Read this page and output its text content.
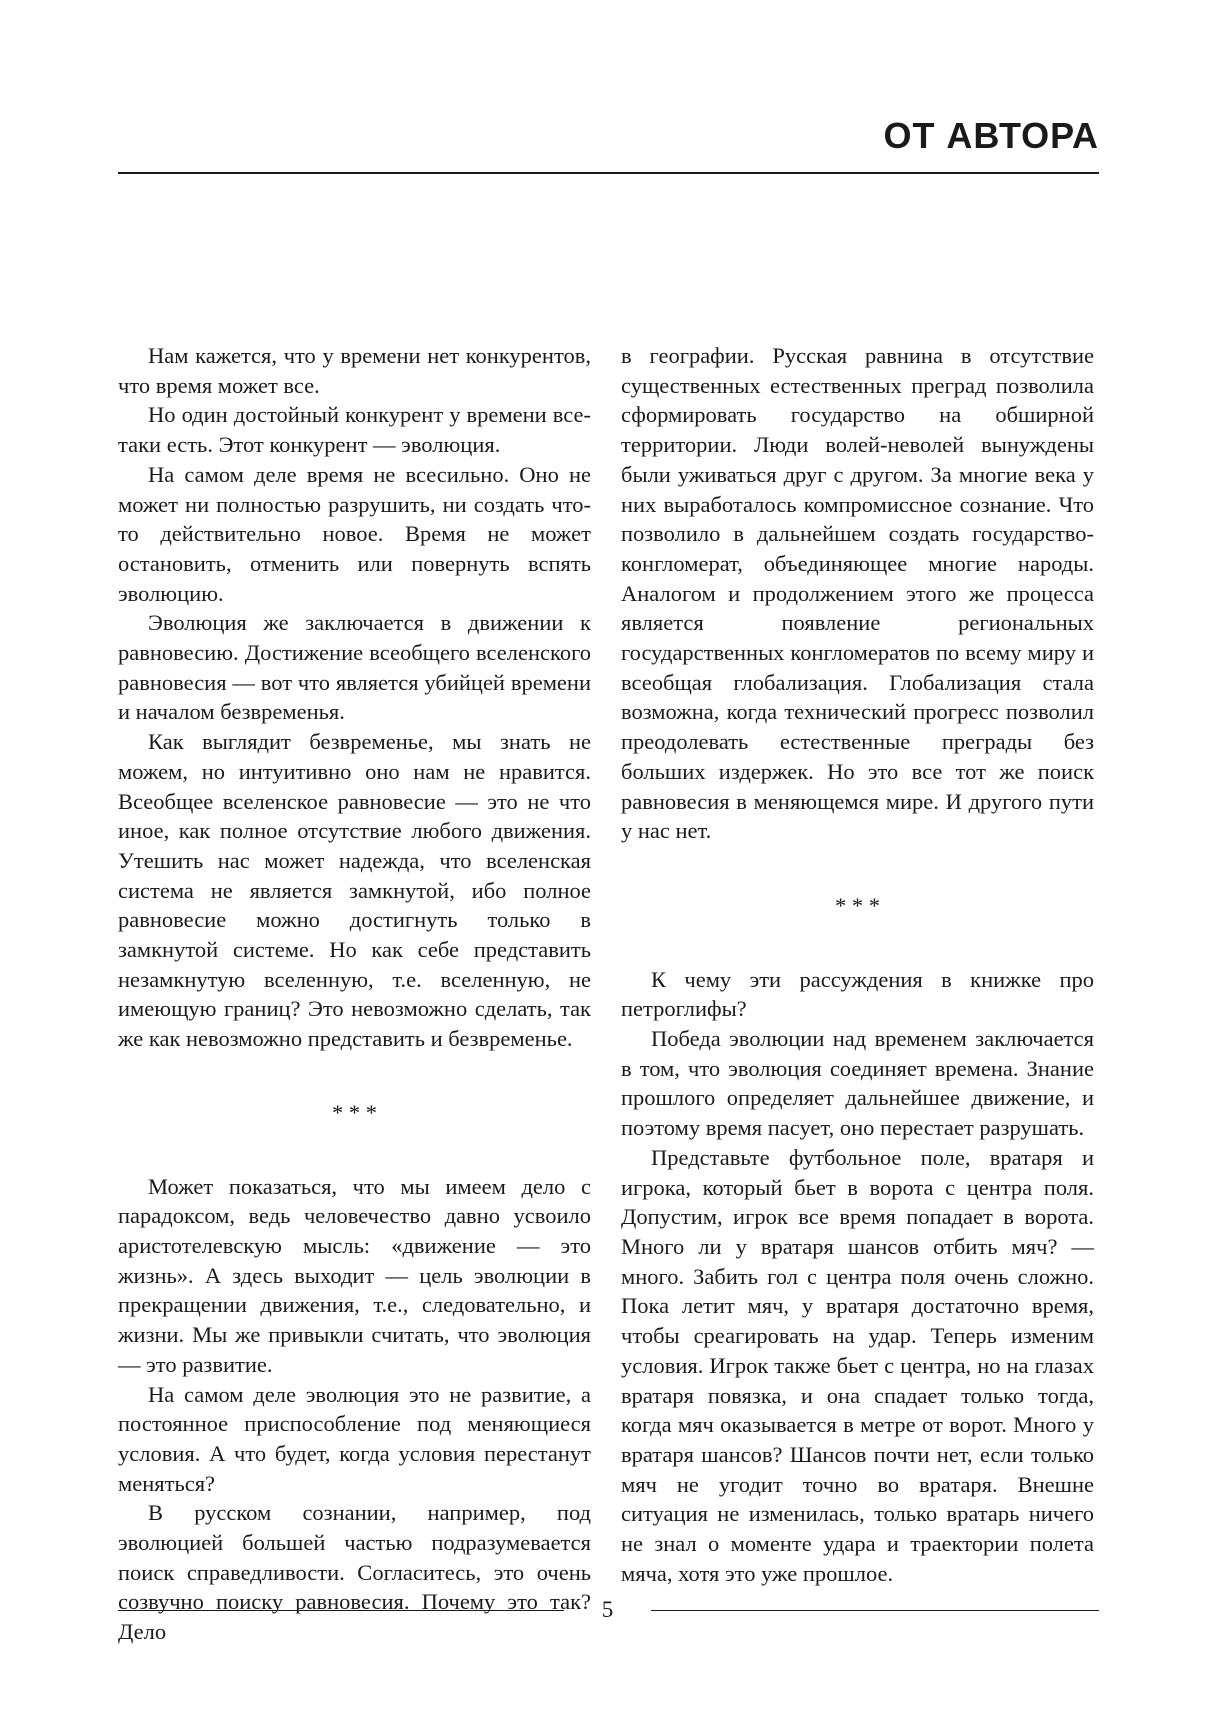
ОТ АВТОРА

Нам кажется, что у времени нет конкурентов, что время может все.

Но один достойный конкурент у времени все-таки есть. Этот конкурент — эволюция.

На самом деле время не всесильно. Оно не может ни полностью разрушить, ни создать что-то действительно новое. Время не может остановить, отменить или повернуть вспять эволюцию.

Эволюция же заключается в движении к равновесию. Достижение всеобщего вселенского равновесия — вот что является убийцей времени и началом безвременья.

Как выглядит безвременье, мы знать не можем, но интуитивно оно нам не нравится. Всеобщее вселенское равновесие — это не что иное, как полное отсутствие любого движения. Утешить нас может надежда, что вселенская система не является замкнутой, ибо полное равновесие можно достигнуть только в замкнутой системе. Но как себе представить незамкнутую вселенную, т.е. вселенную, не имеющую границ? Это невозможно сделать, так же как невозможно представить и безвременье.

* * *

Может показаться, что мы имеем дело с парадоксом, ведь человечество давно усвоило аристотелевскую мысль: «движение — это жизнь». А здесь выходит — цель эволюции в прекращении движения, т.е., следовательно, и жизни. Мы же привыкли считать, что эволюция — это развитие.

На самом деле эволюция это не развитие, а постоянное приспособление под меняющиеся условия. А что будет, когда условия перестанут меняться?

В русском сознании, например, под эволюцией большей частью подразумевается поиск справедливости. Согласитесь, это очень созвучно поиску равновесия. Почему это так? Дело

в географии. Русская равнина в отсутствие существенных естественных преград позволила сформировать государство на обширной территории. Люди волей-неволей вынуждены были уживаться друг с другом. За многие века у них выработалось компромиссное сознание. Что позволило в дальнейшем создать государство-конгломерат, объединяющее многие народы. Аналогом и продолжением этого же процесса является появление региональных государственных конгломератов по всему миру и всеобщая глобализация. Глобализация стала возможна, когда технический прогресс позволил преодолевать естественные преграды без больших издержек. Но это все тот же поиск равновесия в меняющемся мире. И другого пути у нас нет.

* * *

К чему эти рассуждения в книжке про петроглифы?

Победа эволюции над временем заключается в том, что эволюция соединяет времена. Знание прошлого определяет дальнейшее движение, и поэтому время пасует, оно перестает разрушать.

Представьте футбольное поле, вратаря и игрока, который бьет в ворота с центра поля. Допустим, игрок все время попадает в ворота. Много ли у вратаря шансов отбить мяч? — много. Забить гол с центра поля очень сложно. Пока летит мяч, у вратаря достаточно время, чтобы среагировать на удар. Теперь изменим условия. Игрок также бьет с центра, но на глазах вратаря повязка, и она спадает только тогда, когда мяч оказывается в метре от ворот. Много у вратаря шансов? Шансов почти нет, если только мяч не угодит точно во вратаря. Внешне ситуация не изменилась, только вратарь ничего не знал о моменте удара и траектории полета мяча, хотя это уже прошлое.

5
